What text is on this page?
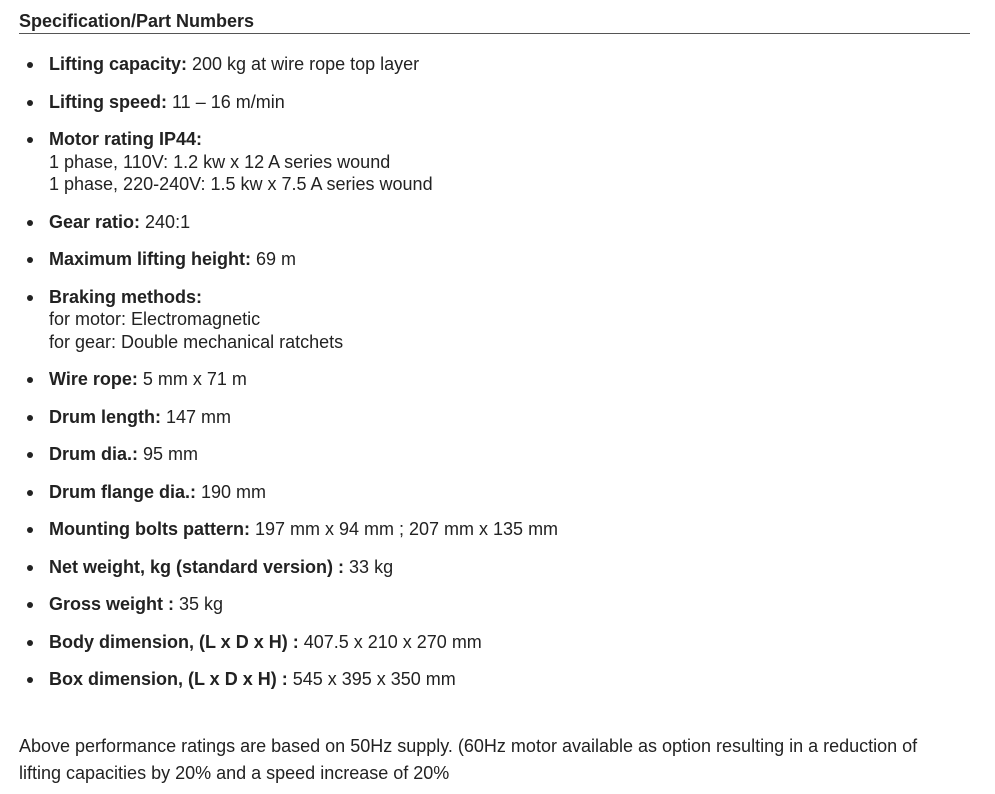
Specification/Part Numbers
Lifting capacity: 200 kg at wire rope top layer
Lifting speed: 11 – 16 m/min
Motor rating IP44:
1 phase, 110V: 1.2 kw x 12 A series wound
1 phase, 220-240V: 1.5 kw x 7.5 A series wound
Gear ratio: 240:1
Maximum lifting height: 69 m
Braking methods:
for motor: Electromagnetic
for gear: Double mechanical ratchets
Wire rope: 5 mm x 71 m
Drum length: 147 mm
Drum dia.: 95 mm
Drum flange dia.: 190 mm
Mounting bolts pattern: 197 mm x 94 mm ; 207 mm x 135 mm
Net weight, kg (standard version) : 33 kg
Gross weight : 35 kg
Body dimension, (L x D x H) : 407.5 x 210 x 270 mm
Box dimension, (L x D x H) : 545 x 395 x 350 mm

Above performance ratings are based on 50Hz supply. (60Hz motor available as option resulting in a reduction of lifting capacities by 20% and a speed increase of 20%
